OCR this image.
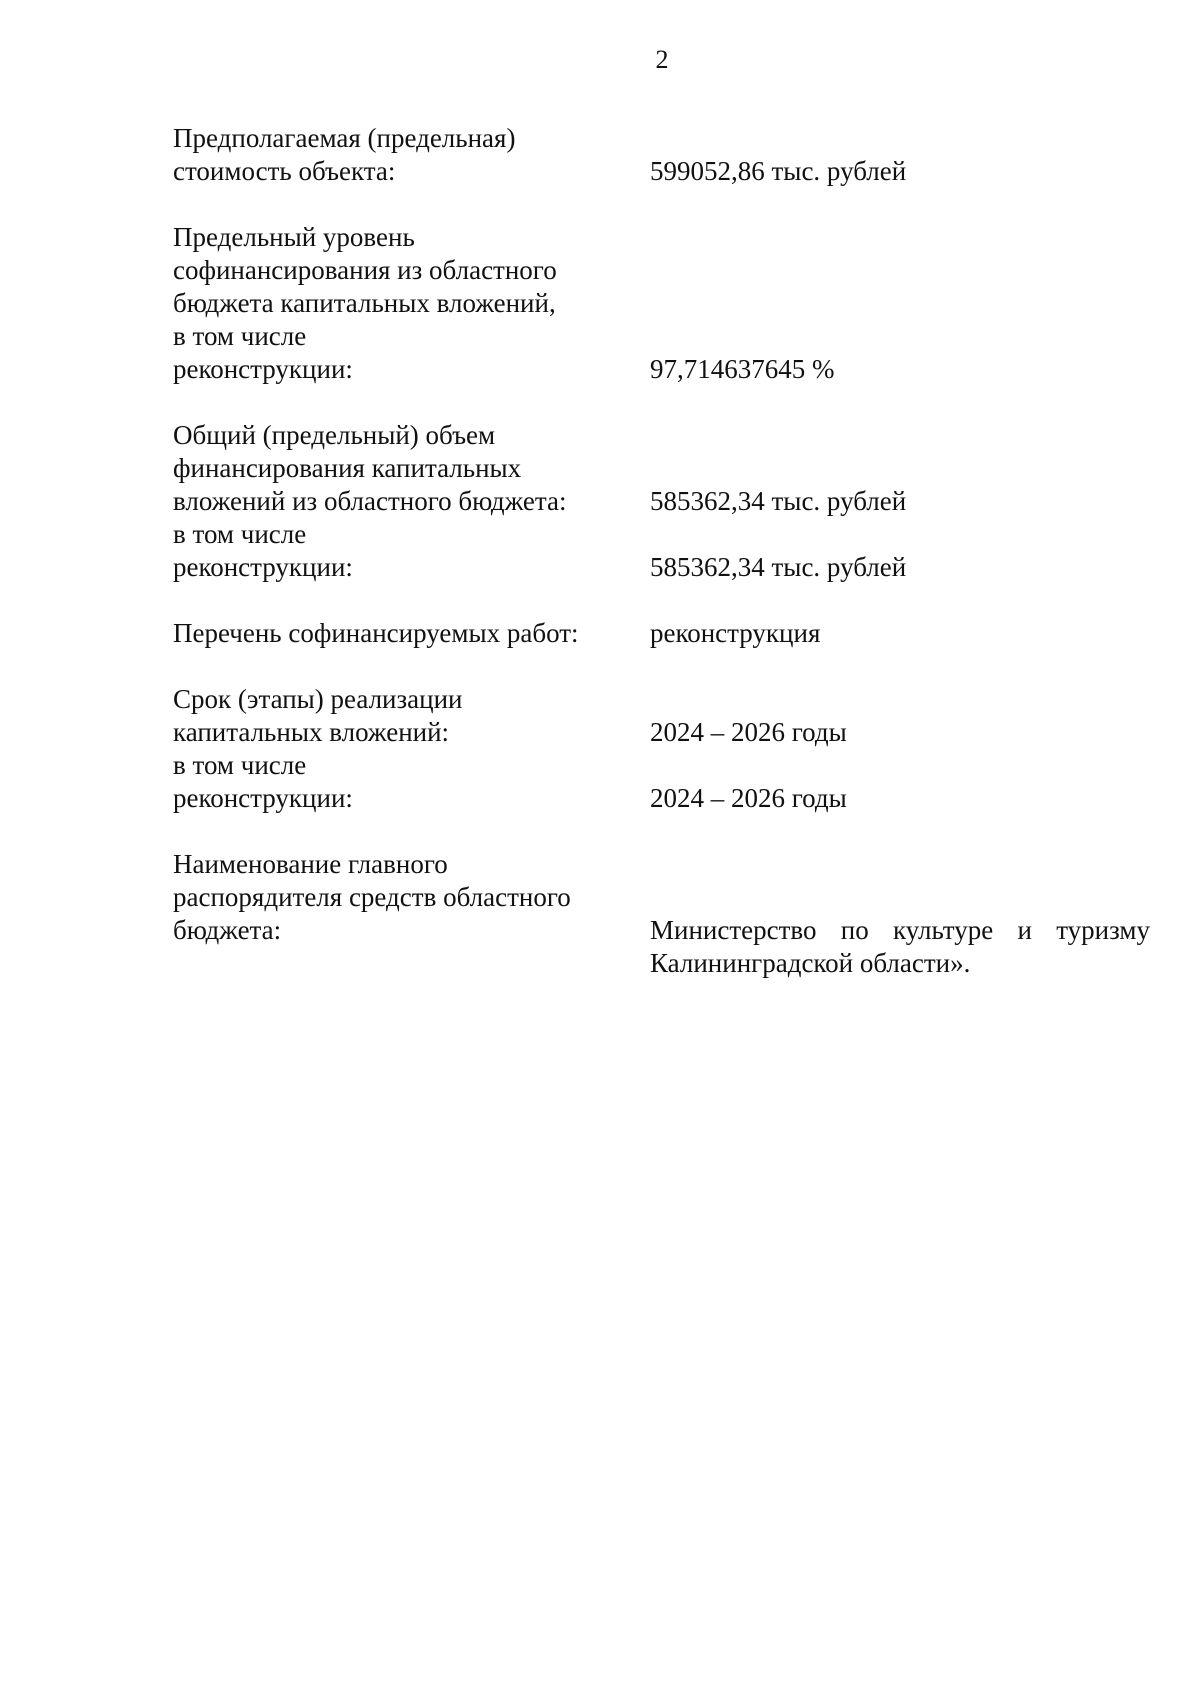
2
Предполагаемая (предельная)
стоимость объекта:	599052,86 тыс. рублей
Предельный уровень
софинансирования из областного
бюджета капитальных вложений,
в том числе
реконструкции:	97,714637645 %
Общий (предельный) объем
финансирования капитальных
вложений из областного бюджета:	585362,34 тыс. рублей
в том числе
реконструкции:	585362,34 тыс. рублей
Перечень софинансируемых работ:	реконструкция
Срок (этапы) реализации
капитальных вложений:	2024 – 2026 годы
в том числе
реконструкции:	2024 – 2026 годы
Наименование главного
распорядителя средств областного
бюджета:	Министерство по культуре и туризму
Калининградской области».
